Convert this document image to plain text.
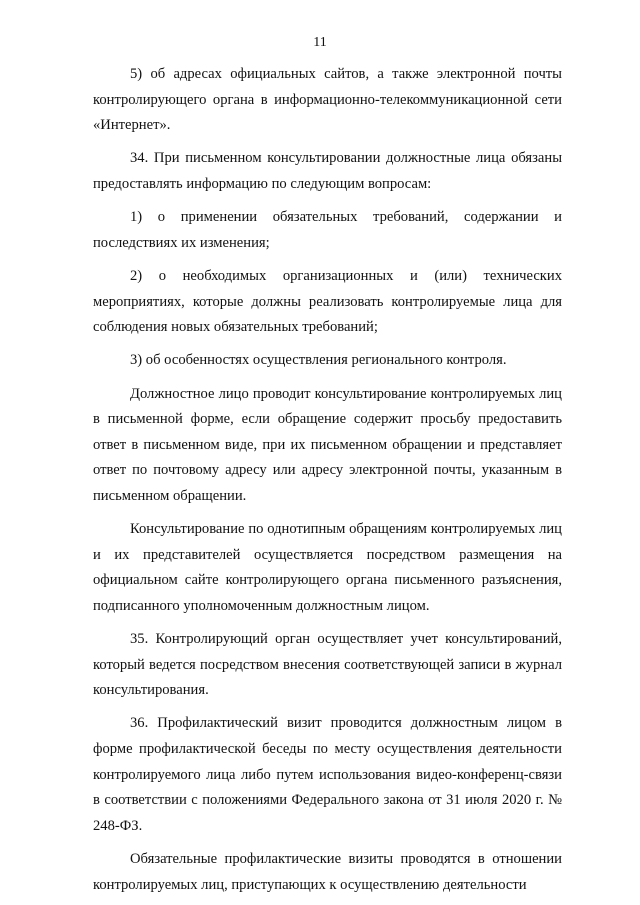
11

5) об адресах официальных сайтов, а также электронной почты контролирующего органа в информационно-телекоммуникационной сети «Интернет».

34. При письменном консультировании должностные лица обязаны предоставлять информацию по следующим вопросам:

1) о применении обязательных требований, содержании и последствиях их изменения;

2) о необходимых организационных и (или) технических мероприятиях, которые должны реализовать контролируемые лица для соблюдения новых обязательных требований;

3) об особенностях осуществления регионального контроля.

Должностное лицо проводит консультирование контролируемых лиц в письменной форме, если обращение содержит просьбу предоставить ответ в письменном виде, при их письменном обращении и представляет ответ по почтовому адресу или адресу электронной почты, указанным в письменном обращении.

Консультирование по однотипным обращениям контролируемых лиц и их представителей осуществляется посредством размещения на официальном сайте контролирующего органа письменного разъяснения, подписанного уполномоченным должностным лицом.

35. Контролирующий орган осуществляет учет консультирований, который ведется посредством внесения соответствующей записи в журнал консультирования.

36. Профилактический визит проводится должностным лицом в форме профилактической беседы по месту осуществления деятельности контролируемого лица либо путем использования видео-конференц-связи в соответствии с положениями Федерального закона от 31 июля 2020 г. № 248-ФЗ.

Обязательные профилактические визиты проводятся в отношении контролируемых лиц, приступающих к осуществлению деятельности
